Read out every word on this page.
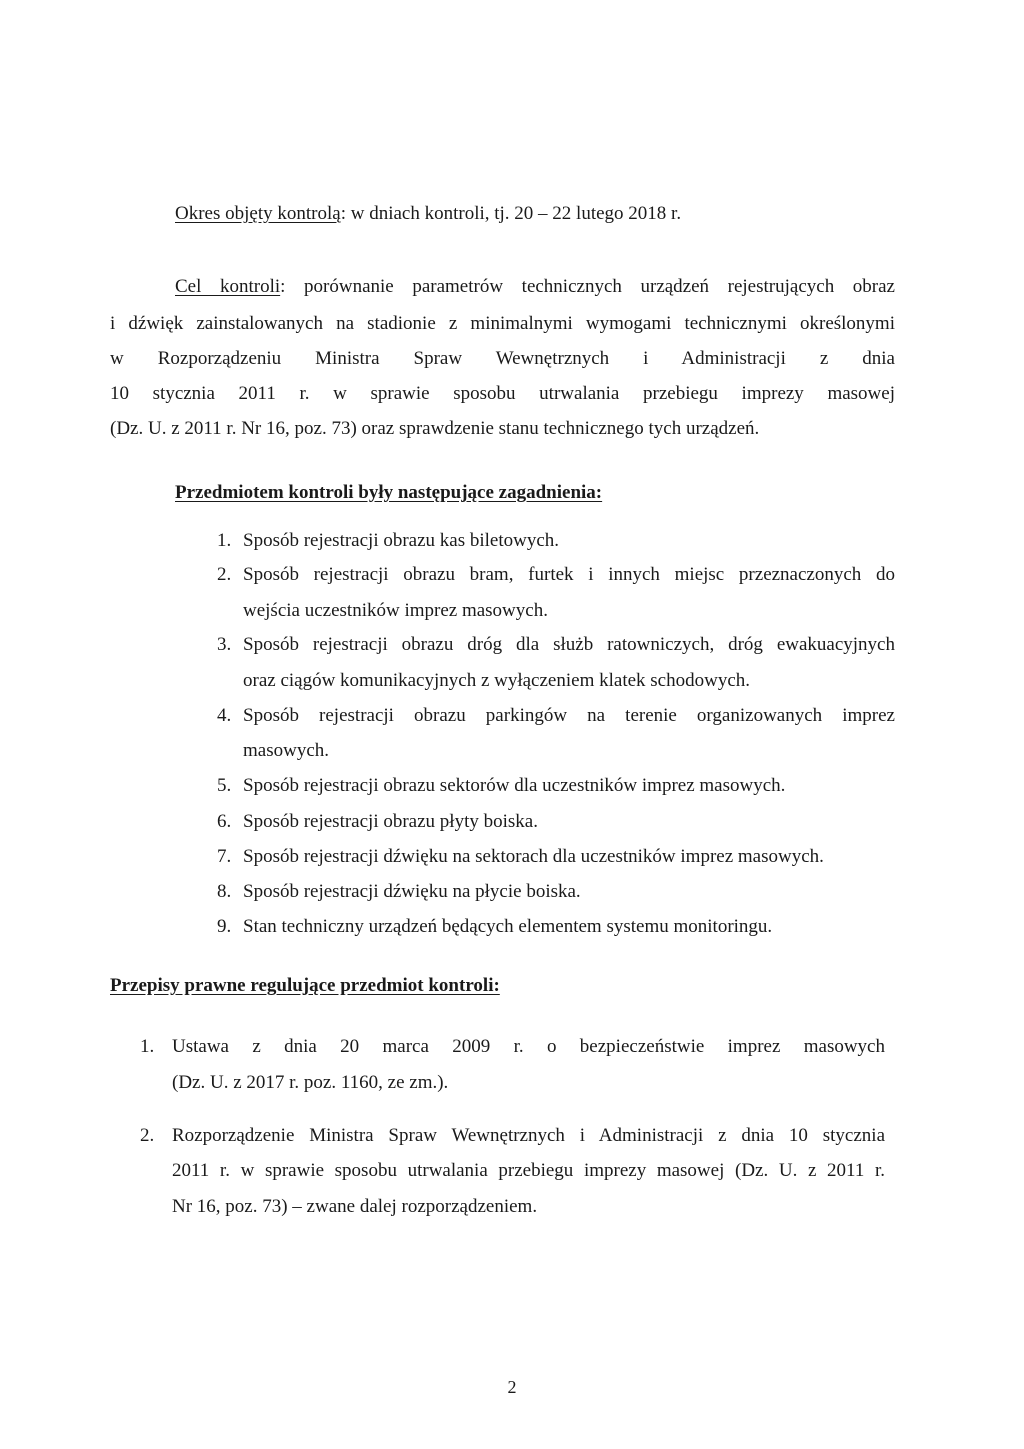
Okres objęty kontrolą: w dniach kontroli, tj. 20 – 22 lutego 2018 r.
Cel kontroli: porównanie parametrów technicznych urządzeń rejestrujących obraz
i dźwięk zainstalowanych na stadionie z minimalnymi wymogami technicznymi określonymi
w Rozporządzeniu Ministra Spraw Wewnętrznych i Administracji z dnia
10 stycznia 2011 r. w sprawie sposobu utrwalania przebiegu imprezy masowej
(Dz. U. z 2011 r. Nr 16, poz. 73) oraz sprawdzenie stanu technicznego tych urządzeń.
Przedmiotem kontroli były następujące zagadnienia:
1. Sposób rejestracji obrazu kas biletowych.
2. Sposób rejestracji obrazu bram, furtek i innych miejsc przeznaczonych do
wejścia uczestników imprez masowych.
3. Sposób rejestracji obrazu dróg dla służb ratowniczych, dróg ewakuacyjnych
oraz ciągów komunikacyjnych z wyłączeniem klatek schodowych.
4. Sposób rejestracji obrazu parkingów na terenie organizowanych imprez
masowych.
5. Sposób rejestracji obrazu sektorów dla uczestników imprez masowych.
6. Sposób rejestracji obrazu płyty boiska.
7. Sposób rejestracji dźwięku na sektorach dla uczestników imprez masowych.
8. Sposób rejestracji dźwięku na płycie boiska.
9. Stan techniczny urządzeń będących elementem systemu monitoringu.
Przepisy prawne regulujące przedmiot kontroli:
1. Ustawa z dnia 20 marca 2009 r. o bezpieczeństwie imprez masowych
(Dz. U. z 2017 r. poz. 1160, ze zm.).
2. Rozporządzenie Ministra Spraw Wewnętrznych i Administracji z dnia 10 stycznia
2011 r. w sprawie sposobu utrwalania przebiegu imprezy masowej (Dz. U. z 2011 r.
Nr 16, poz. 73) – zwane dalej rozporządzeniem.
2
